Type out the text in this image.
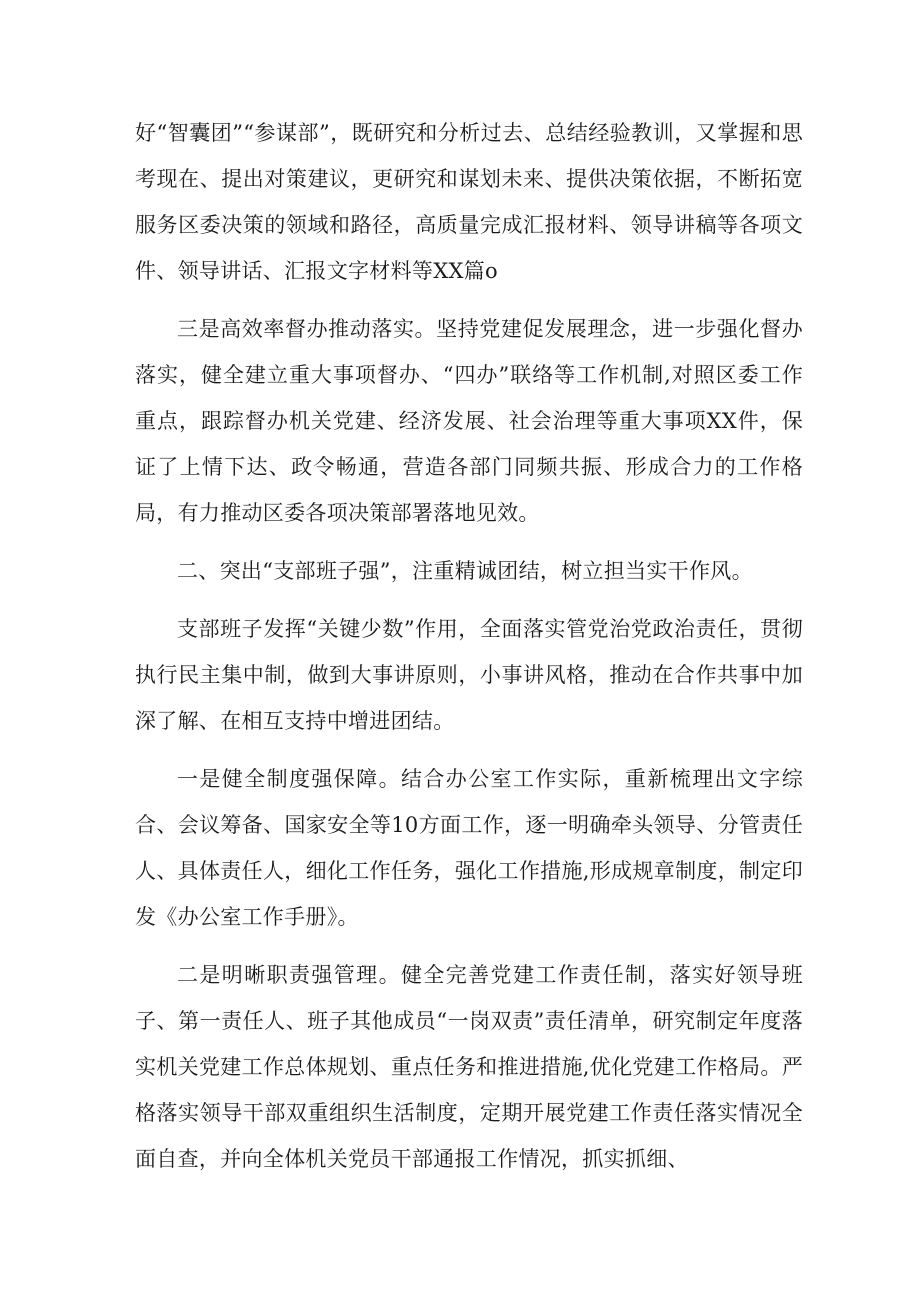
好“智囊团”“参谋部”，既研究和分析过去、总结经验教训，又掌握和思考现在、提出对策建议，更研究和谋划未来、提供决策依据，不断拓宽服务区委决策的领域和路径，高质量完成汇报材料、领导讲稿等各项文件、领导讲话、汇报文字材料等XX篇o

三是高效率督办推动落实。坚持党建促发展理念，进一步强化督办落实，健全建立重大事项督办、“四办”联络等工作机制,对照区委工作重点，跟踪督办机关党建、经济发展、社会治理等重大事项XX件，保证了上情下达、政令畅通，营造各部门同频共振、形成合力的工作格局，有力推动区委各项决策部署落地见效。

二、突出“支部班子强”，注重精诚团结，树立担当实干作风。

支部班子发挥“关键少数”作用，全面落实管党治党政治责任，贯彻执行民主集中制，做到大事讲原则，小事讲风格，推动在合作共事中加深了解、在相互支持中增进团结。

一是健全制度强保障。结合办公室工作实际，重新梳理出文字综合、会议筹备、国家安全等10方面工作，逐一明确牵头领导、分管责任人、具体责任人，细化工作任务，强化工作措施,形成规章制度，制定印发《办公室工作手册》。

二是明晰职责强管理。健全完善党建工作责任制，落实好领导班子、第一责任人、班子其他成员“一岗双责”责任清单，研究制定年度落实机关党建工作总体规划、重点任务和推进措施,优化党建工作格局。严格落实领导干部双重组织生活制度，定期开展党建工作责任落实情况全面自查，并向全体机关党员干部通报工作情况，抓实抓细、
